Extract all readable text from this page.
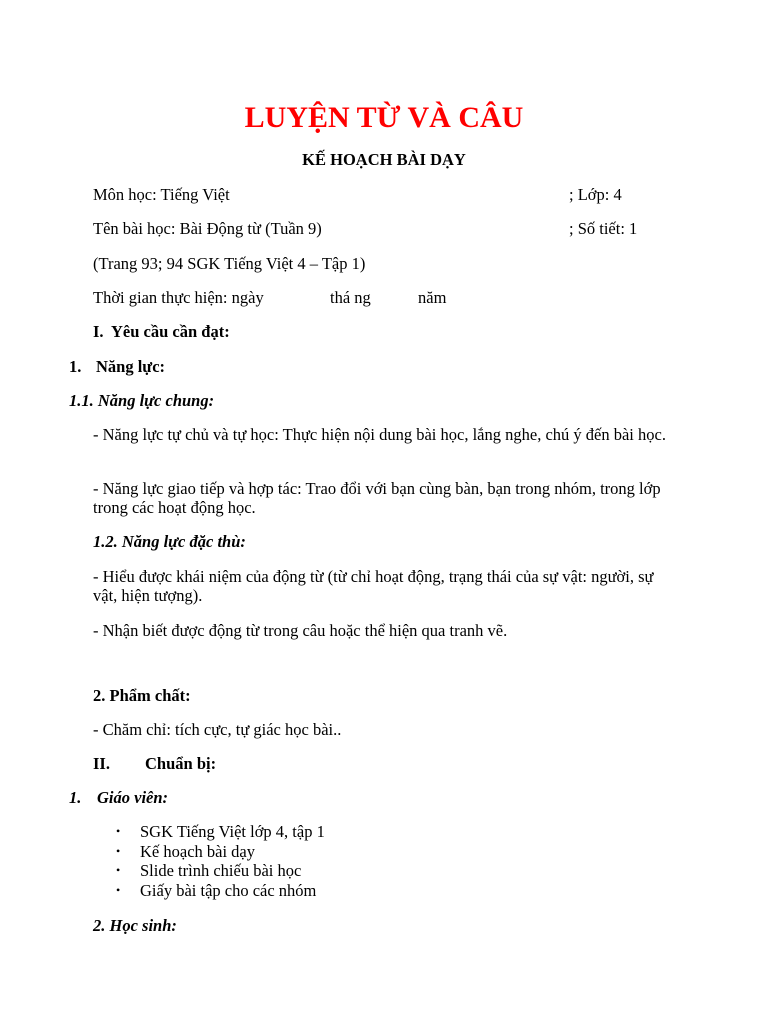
LUYỆN TỪ VÀ CÂU
KẾ HOẠCH BÀI DẠY
Môn học: Tiếng Việt	; Lớp: 4
Tên bài học: Bài Động từ (Tuần 9)	; Số tiết: 1
(Trang 93; 94 SGK Tiếng Việt 4 – Tập 1)
Thời gian thực hiện: ngày	thá ng	năm
I. Yêu cầu cần đạt:
1. Năng lực:
1.1. Năng lực chung:
- Năng lực tự chủ và tự học: Thực hiện nội dung bài học, lắng nghe, chú ý đến bài học.
- Năng lực giao tiếp và hợp tác: Trao đổi với bạn cùng bàn, bạn trong nhóm, trong lớp trong các hoạt động học.
1.2. Năng lực đặc thù:
- Hiểu được khái niệm của động từ (từ chỉ hoạt động, trạng thái của sự vật: người, sự vật, hiện tượng).
- Nhận biết được động từ trong câu hoặc thể hiện qua tranh vẽ.
2. Phẩm chất:
- Chăm chỉ: tích cực, tự giác học bài..
II. Chuẩn bị:
1. Giáo viên:
• SGK Tiếng Việt lớp 4, tập 1
• Kế hoạch bài dạy
• Slide trình chiếu bài học
• Giấy bài tập cho các nhóm
2. Học sinh:
